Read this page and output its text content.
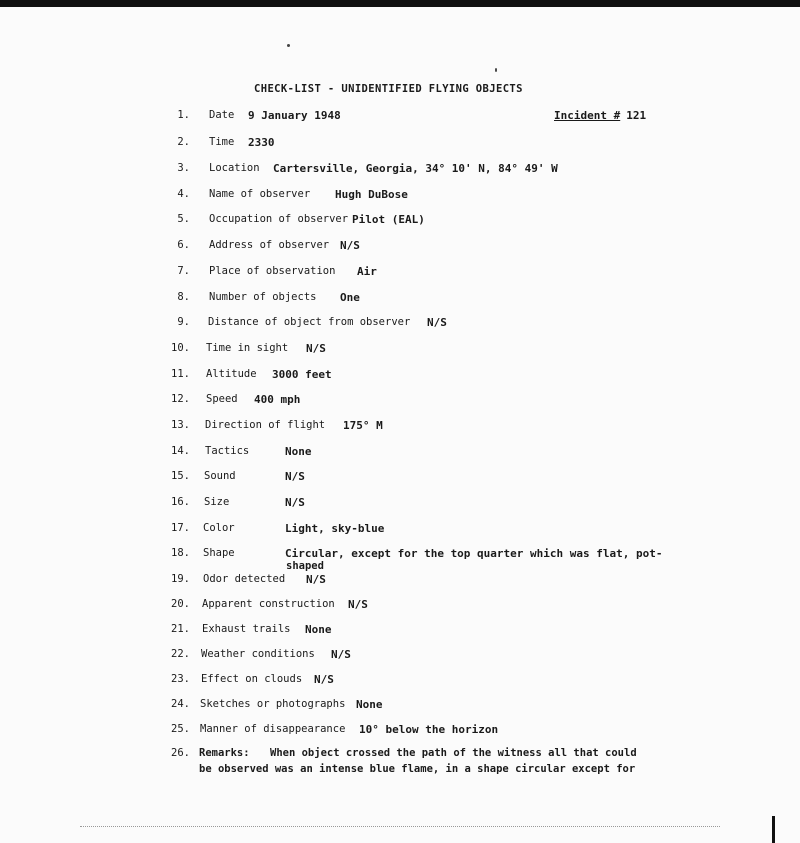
CHECK-LIST - UNIDENTIFIED FLYING OBJECTS
Incident # 121
1. Date 9 January 1948
2. Time 2330
3. Location Cartersville, Georgia, 34° 10' N, 84° 49' W
4. Name of observer Hugh DuBose
5. Occupation of observer Pilot (EAL)
6. Address of observer N/S
7. Place of observation Air
8. Number of objects One
9. Distance of object from observer N/S
10. Time in sight N/S
11. Altitude 3000 feet
12. Speed 400 mph
13. Direction of flight 175° M
14. Tactics	None
15. Sound	N/S
16. Size	N/S
17. Color	Light, sky-blue
18. Shape	Circular, except for the top quarter which was flat, pot-
shaped
19. Odor detected N/S
20. Apparent construction N/S
21. Exhaust trails None
22. Weather conditions N/S
23. Effect on clouds N/S
24. Sketches or photographs None
25. Manner of disappearance 10° below the horizon
26. Remarks: When object crossed the path of the witness all that could
be observed was an intense blue flame, in a shape circular except for
